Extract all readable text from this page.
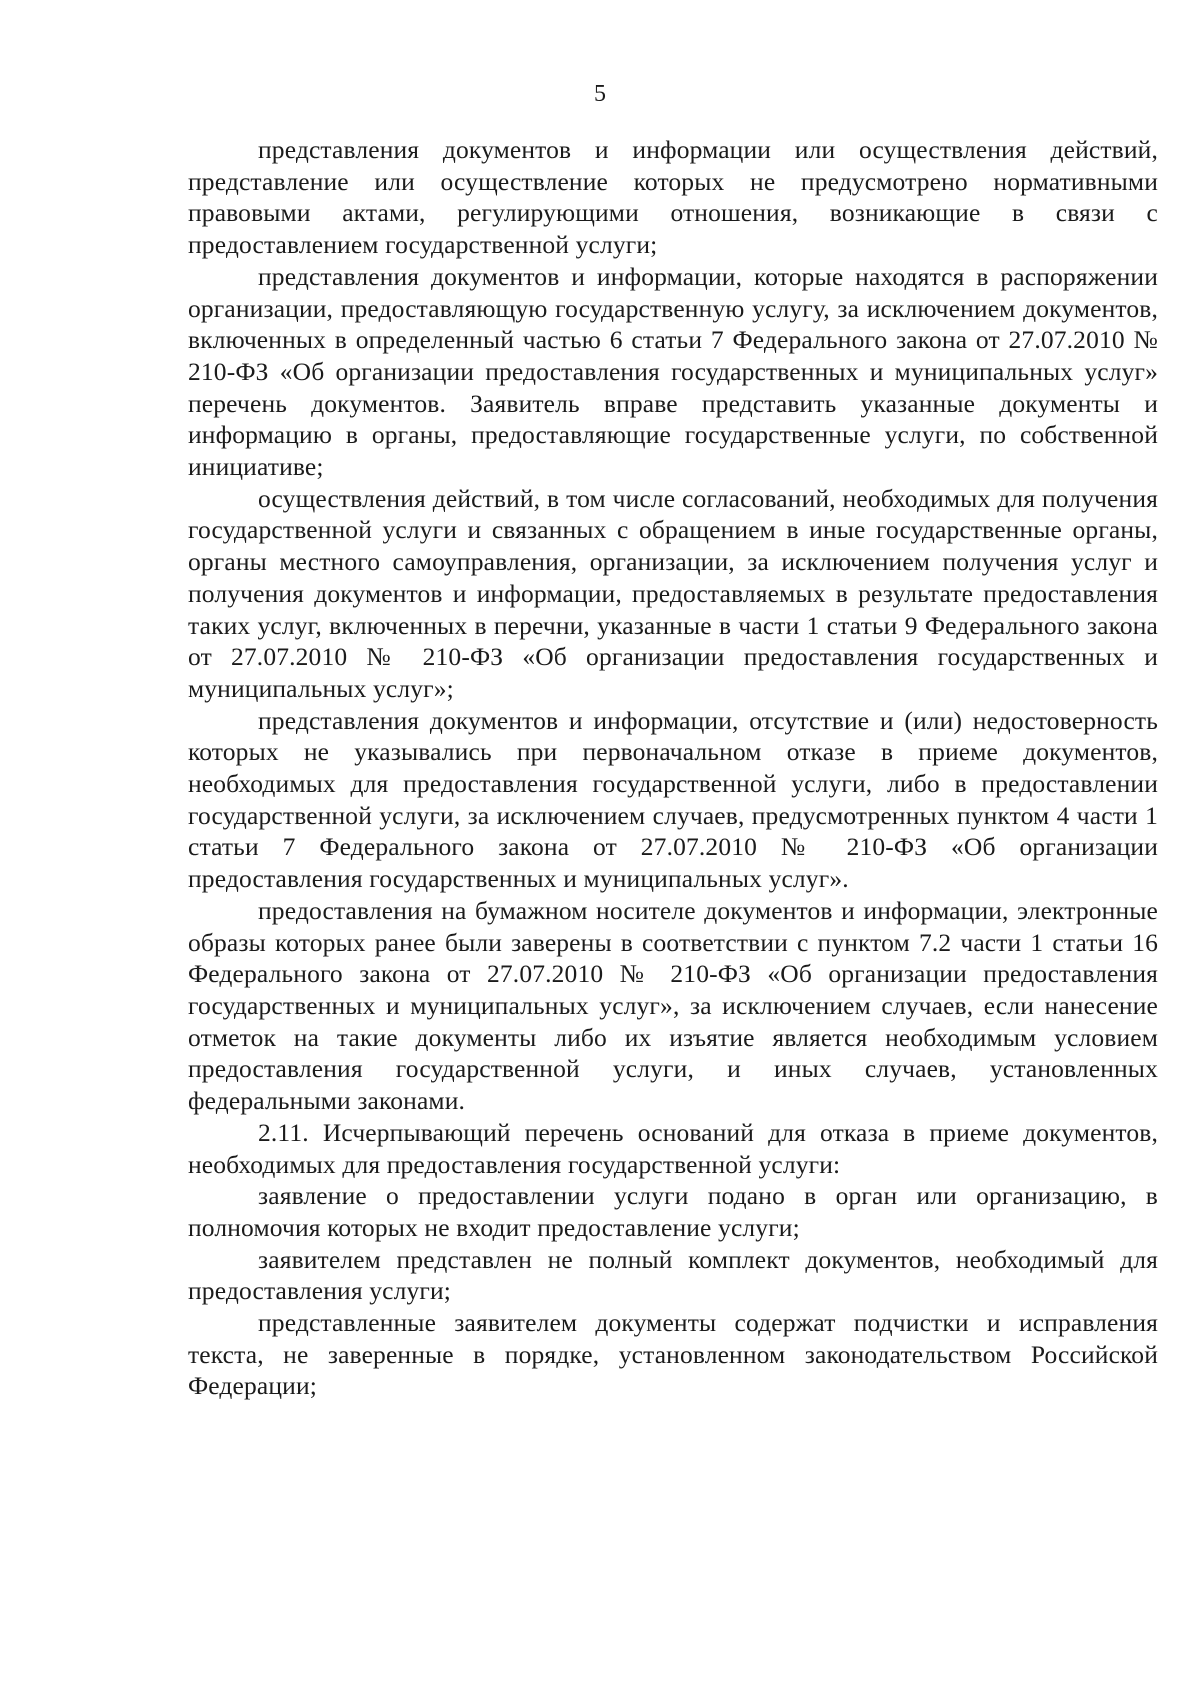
5

представления документов и информации или осуществления действий, представление или осуществление которых не предусмотрено нормативными правовыми актами, регулирующими отношения, возникающие в связи с предоставлением государственной услуги;

представления документов и информации, которые находятся в распоряжении организации, предоставляющую государственную услугу, за исключением документов, включенных в определенный частью 6 статьи 7 Федерального закона от 27.07.2010 № 210-ФЗ «Об организации предоставления государственных и муниципальных услуг» перечень документов. Заявитель вправе представить указанные документы и информацию в органы, предоставляющие государственные услуги, по собственной инициативе;

осуществления действий, в том числе согласований, необходимых для получения государственной услуги и связанных с обращением в иные государственные органы, органы местного самоуправления, организации, за исключением получения услуг и получения документов и информации, предоставляемых в результате предоставления таких услуг, включенных в перечни, указанные в части 1 статьи 9 Федерального закона от 27.07.2010 № 210-ФЗ «Об организации предоставления государственных и муниципальных услуг»;

представления документов и информации, отсутствие и (или) недостоверность которых не указывались при первоначальном отказе в приеме документов, необходимых для предоставления государственной услуги, либо в предоставлении государственной услуги, за исключением случаев, предусмотренных пунктом 4 части 1 статьи 7 Федерального закона от 27.07.2010 № 210-ФЗ «Об организации предоставления государственных и муниципальных услуг».

предоставления на бумажном носителе документов и информации, электронные образы которых ранее были заверены в соответствии с пунктом 7.2 части 1 статьи 16 Федерального закона от 27.07.2010 № 210-ФЗ «Об организации предоставления государственных и муниципальных услуг», за исключением случаев, если нанесение отметок на такие документы либо их изъятие является необходимым условием предоставления государственной услуги, и иных случаев, установленных федеральными законами.

2.11. Исчерпывающий перечень оснований для отказа в приеме документов, необходимых для предоставления государственной услуги:

заявление о предоставлении услуги подано в орган или организацию, в полномочия которых не входит предоставление услуги;

заявителем представлен не полный комплект документов, необходимый для предоставления услуги;

представленные заявителем документы содержат подчистки и исправления текста, не заверенные в порядке, установленном законодательством Российской Федерации;
